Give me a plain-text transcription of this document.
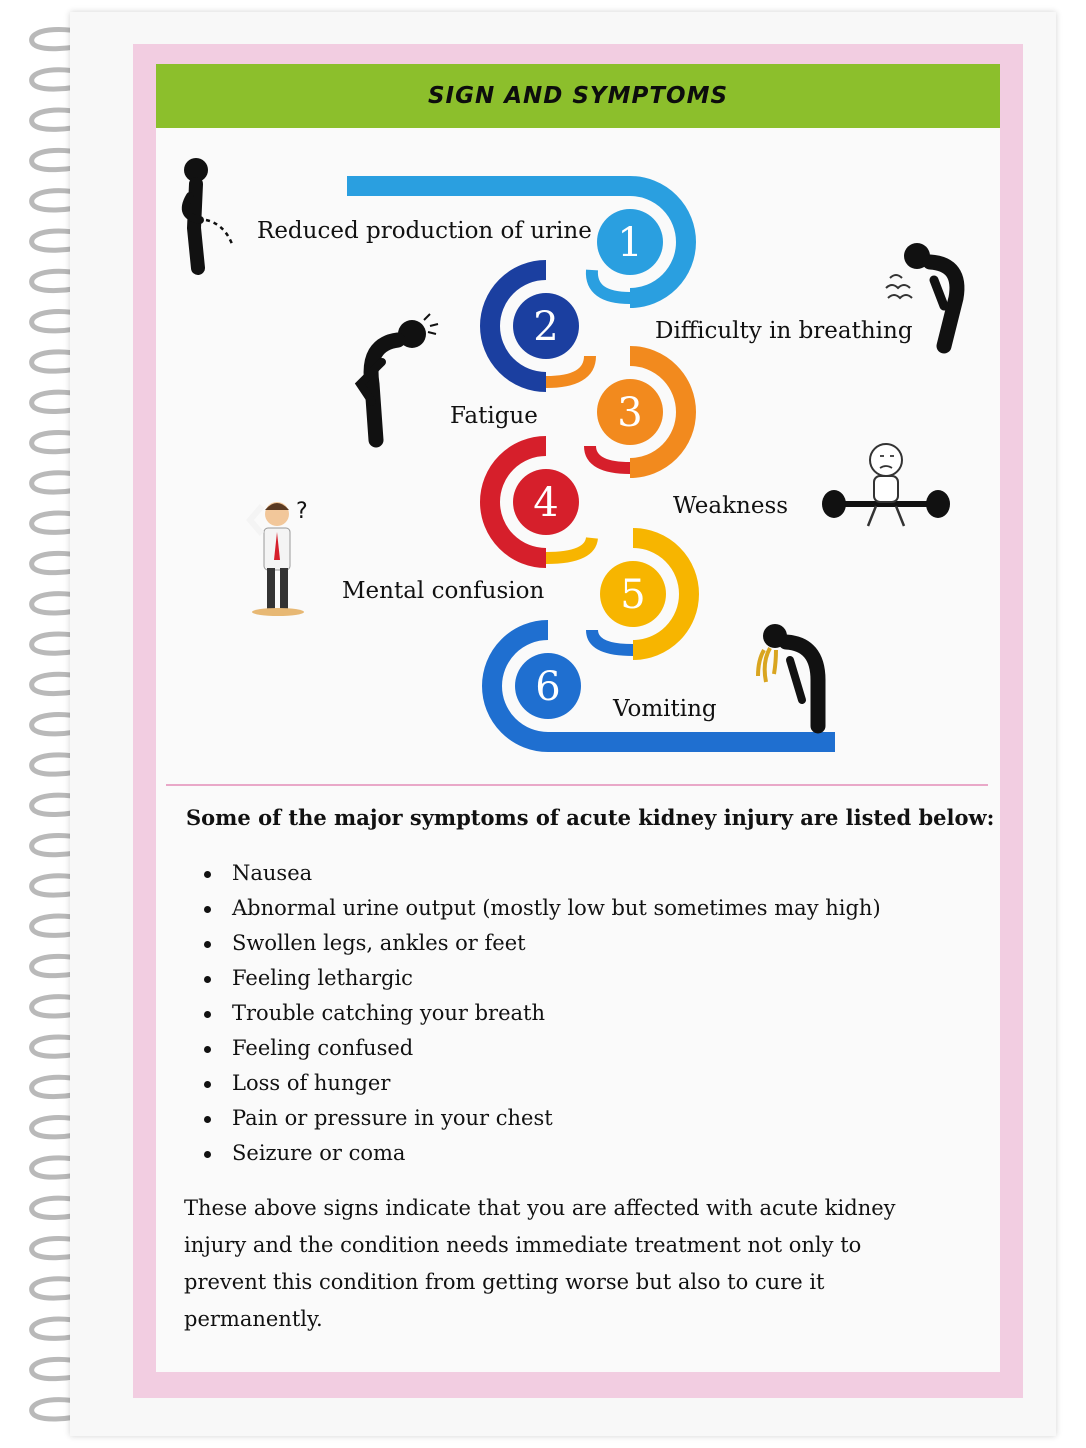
SIGN AND SYMPTOMS
1
2
3
4
5
6
Reduced production of urine
Difficulty in breathing
Fatigue
Weakness
Mental confusion
Vomiting
?

Some of the major symptoms of acute kidney injury are listed below:

Nausea
Abnormal urine output (mostly low but sometimes may high)
Swollen legs, ankles or feet
Feeling lethargic
Trouble catching your breath
Feeling confused
Loss of hunger
Pain or pressure in your chest
Seizure or coma

These above signs indicate that you are affected with acute kidney injury and the condition needs immediate treatment not only to prevent this condition from getting worse but also to cure it permanently.
